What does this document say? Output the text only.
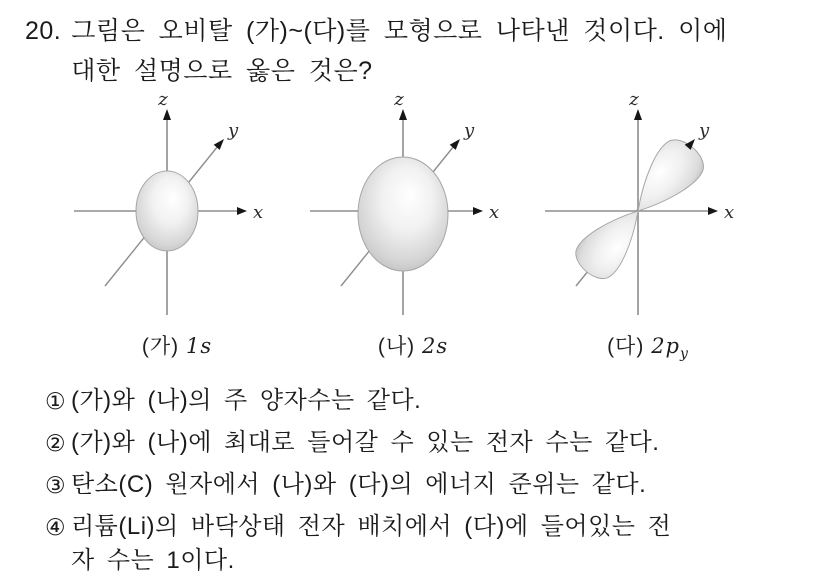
20. 그림은 오비탈 (가)~(다)를 모형으로 나타낸 것이다. 이에
대한 설명으로 옳은 것은?
z
y
x
(가) 1s
z
y
x
(나) 2s
z
y
x
(다) $2p_y$
① (가)와 (나)의 주 양자수는 같다.
② (가)와 (나)에 최대로 들어갈 수 있는 전자 수는 같다.
③ 탄소(C) 원자에서 (나)와 (다)의 에너지 준위는 같다.
④ 리튬(Li)의 바닥상태 전자 배치에서 (다)에 들어있는 전
자 수는 1이다.
